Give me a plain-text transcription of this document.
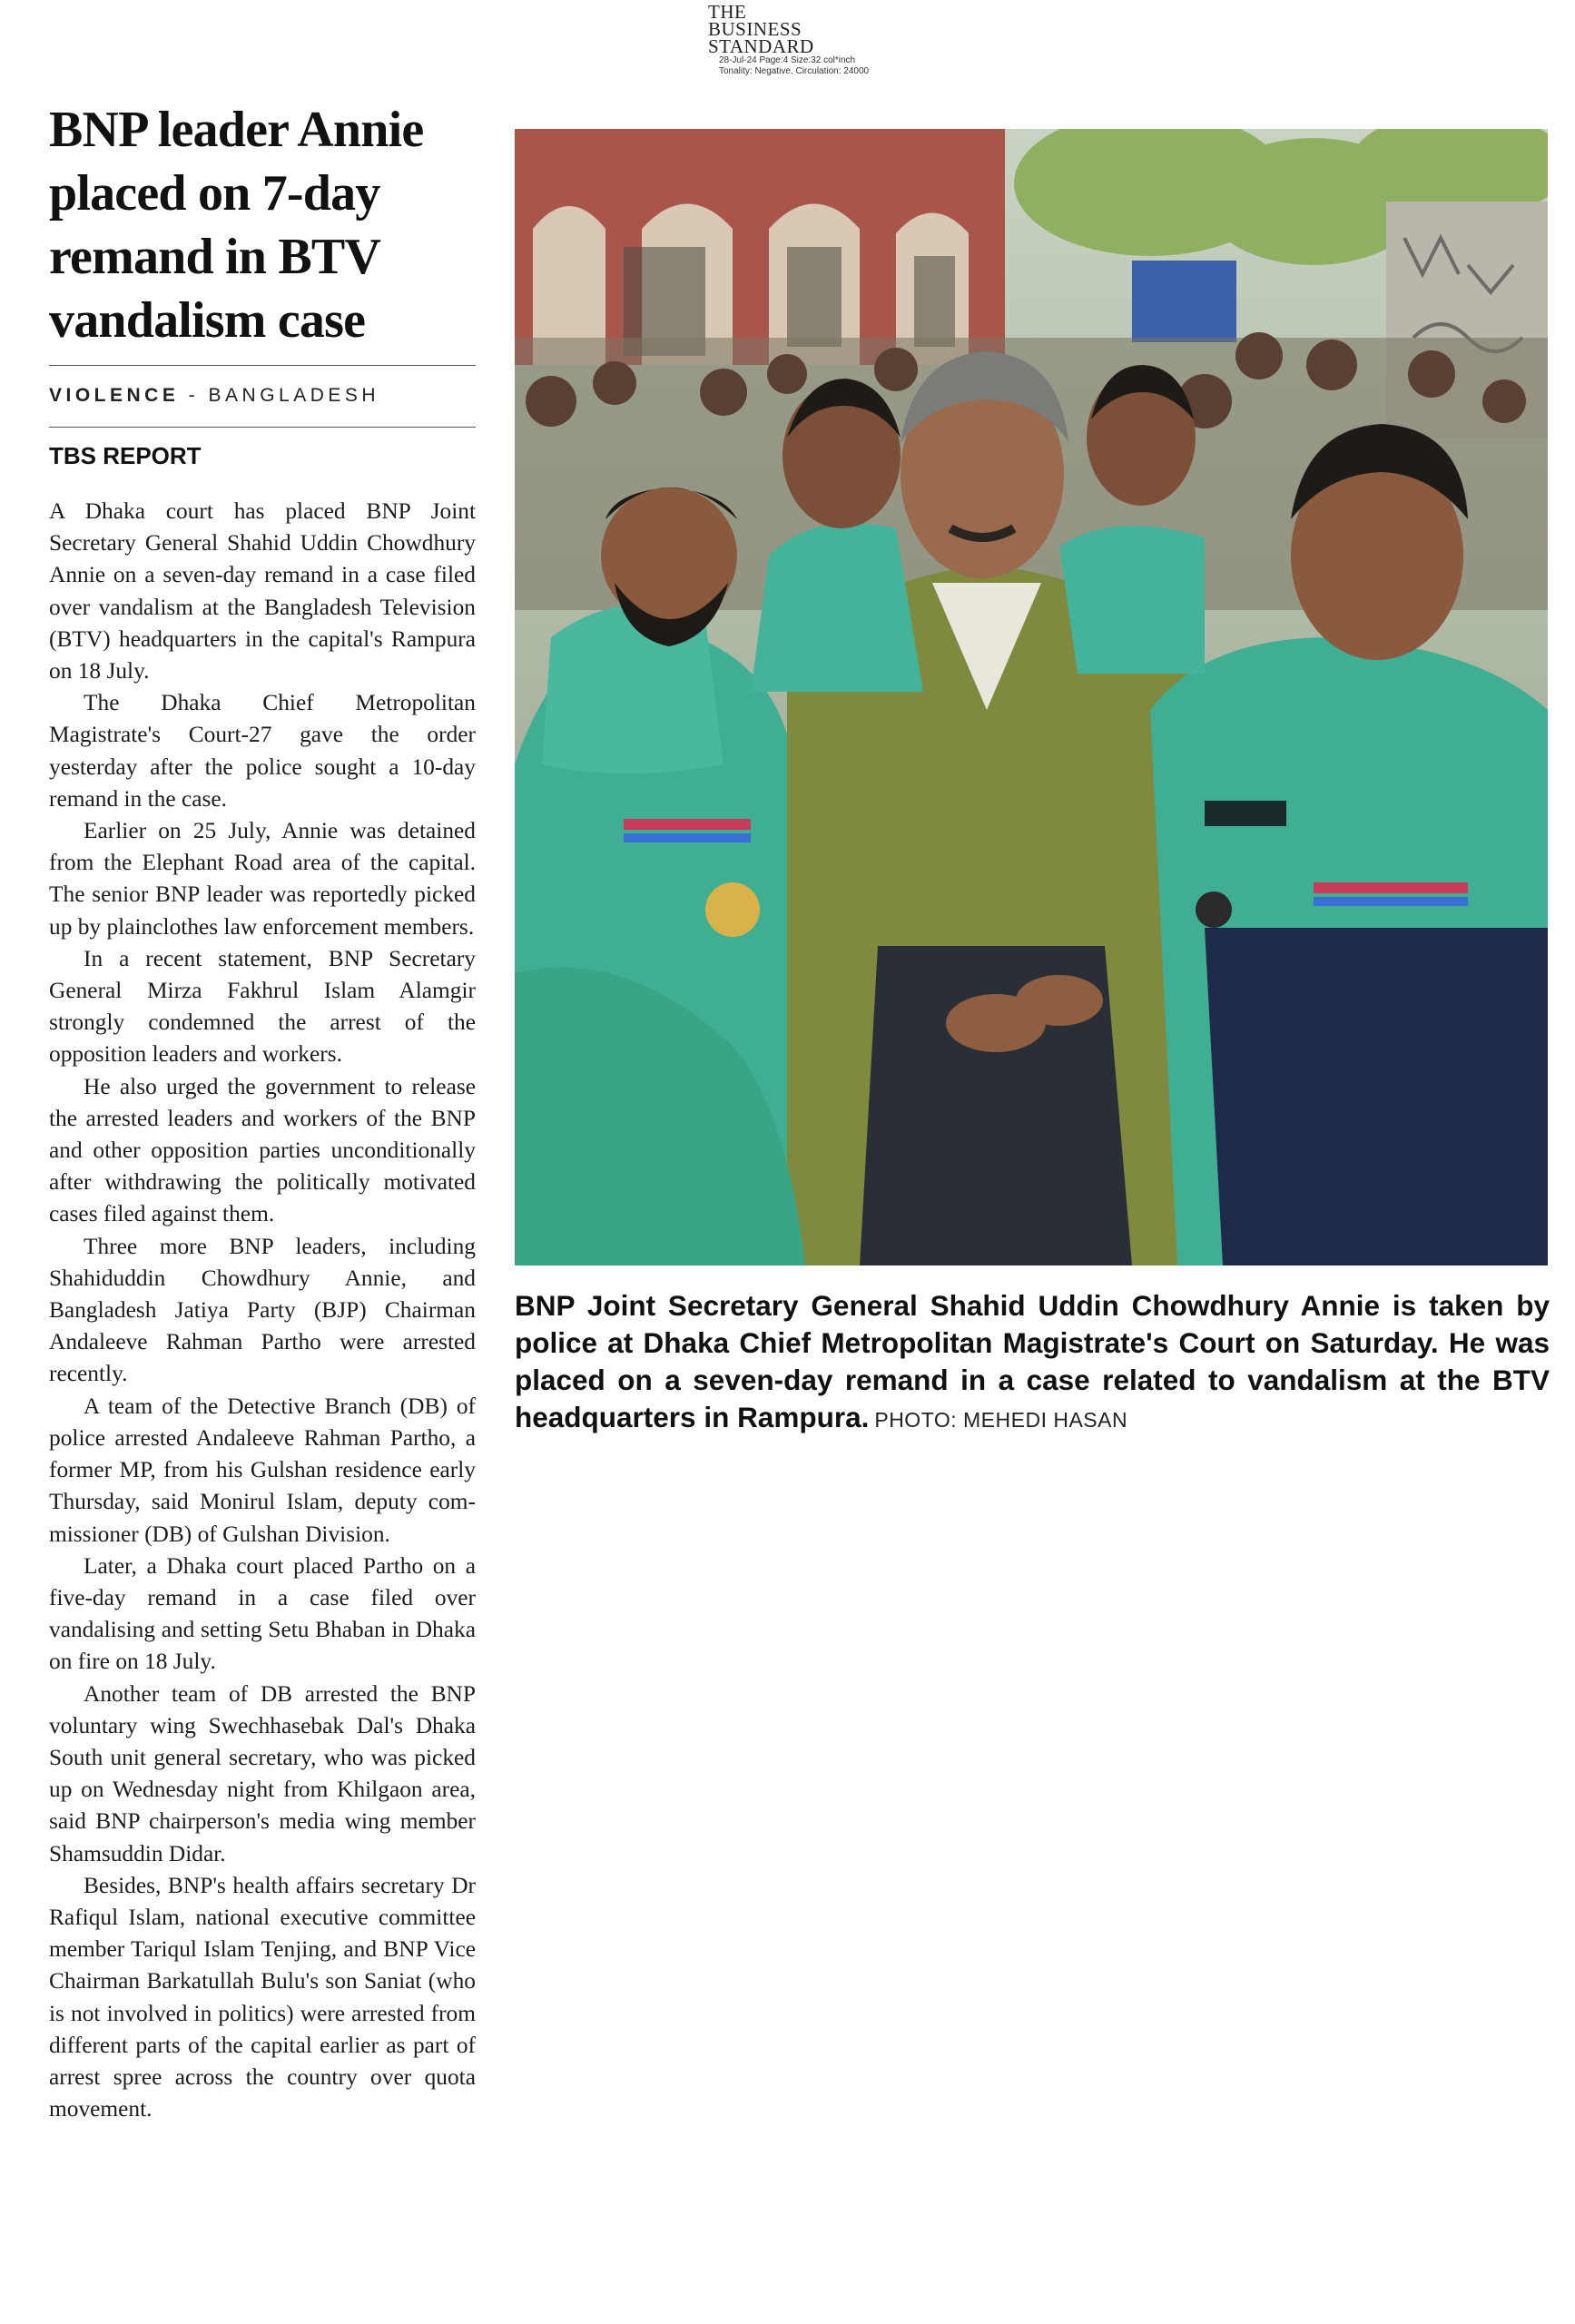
THE
BUSINESS
STANDARD
28-Jul-24 Page:4 Size:32 col*inch
Tonality: Negative, Circulation: 24000
BNP leader Annie
placed on 7-day
remand in BTV
vandalism case
VIOLENCE - BANGLADESH

TBS REPORT

A Dhaka court has placed BNP Joint Secretary General Shahid Uddin Chowdhury Annie on a seven-day remand in a case filed over vandalism at the Bangladesh Television (BTV) headquarters in the capital's Rampura on 18 July.

The Dhaka Chief Metropolitan Magistrate's Court-27 gave the order yesterday after the police sought a 10-day remand in the case.

Earlier on 25 July, Annie was detained from the Elephant Road area of the capital. The senior BNP leader was reportedly picked up by plainclothes law enforcement members.

In a recent statement, BNP Secretary General Mirza Fakhrul Islam Alamgir strongly condemned the arrest of the opposition leaders and workers.

He also urged the government to release the arrested leaders and workers of the BNP and other opposition parties unconditionally after withdrawing the politically motivated cases filed against them.

Three more BNP leaders, including Shahiduddin Chowdhury Annie, and Bangladesh Jatiya Party (BJP) Chairman Andaleeve Rahman Partho were arrested recently.

A team of the Detective Branch (DB) of police arrested Andaleeve Rahman Partho, a former MP, from his Gulshan residence early Thursday, said Monirul Islam, deputy commissioner (DB) of Gulshan Division.

Later, a Dhaka court placed Partho on a five-day remand in a case filed over vandalising and setting Setu Bhaban in Dhaka on fire on 18 July.

Another team of DB arrested the BNP voluntary wing Swechhasebak Dal's Dhaka South unit general secretary, who was picked up on Wednesday night from Khilgaon area, said BNP chairperson's media wing member Shamsuddin Didar.

Besides, BNP's health affairs secretary Dr Rafiqul Islam, national executive committee member Tariqul Islam Tenjing, and BNP Vice Chairman Barkatullah Bulu's son Saniat (who is not involved in politics) were arrested from different parts of the capital earlier as part of arrest spree across the country over quota movement.

BNP Joint Secretary General Shahid Uddin Chowdhury Annie is taken by police at Dhaka Chief Metropolitan Magistrate's Court on Saturday. He was placed on a seven-day remand in a case related to vandalism at the BTV headquarters in Rampura. PHOTO: MEHEDI HASAN
